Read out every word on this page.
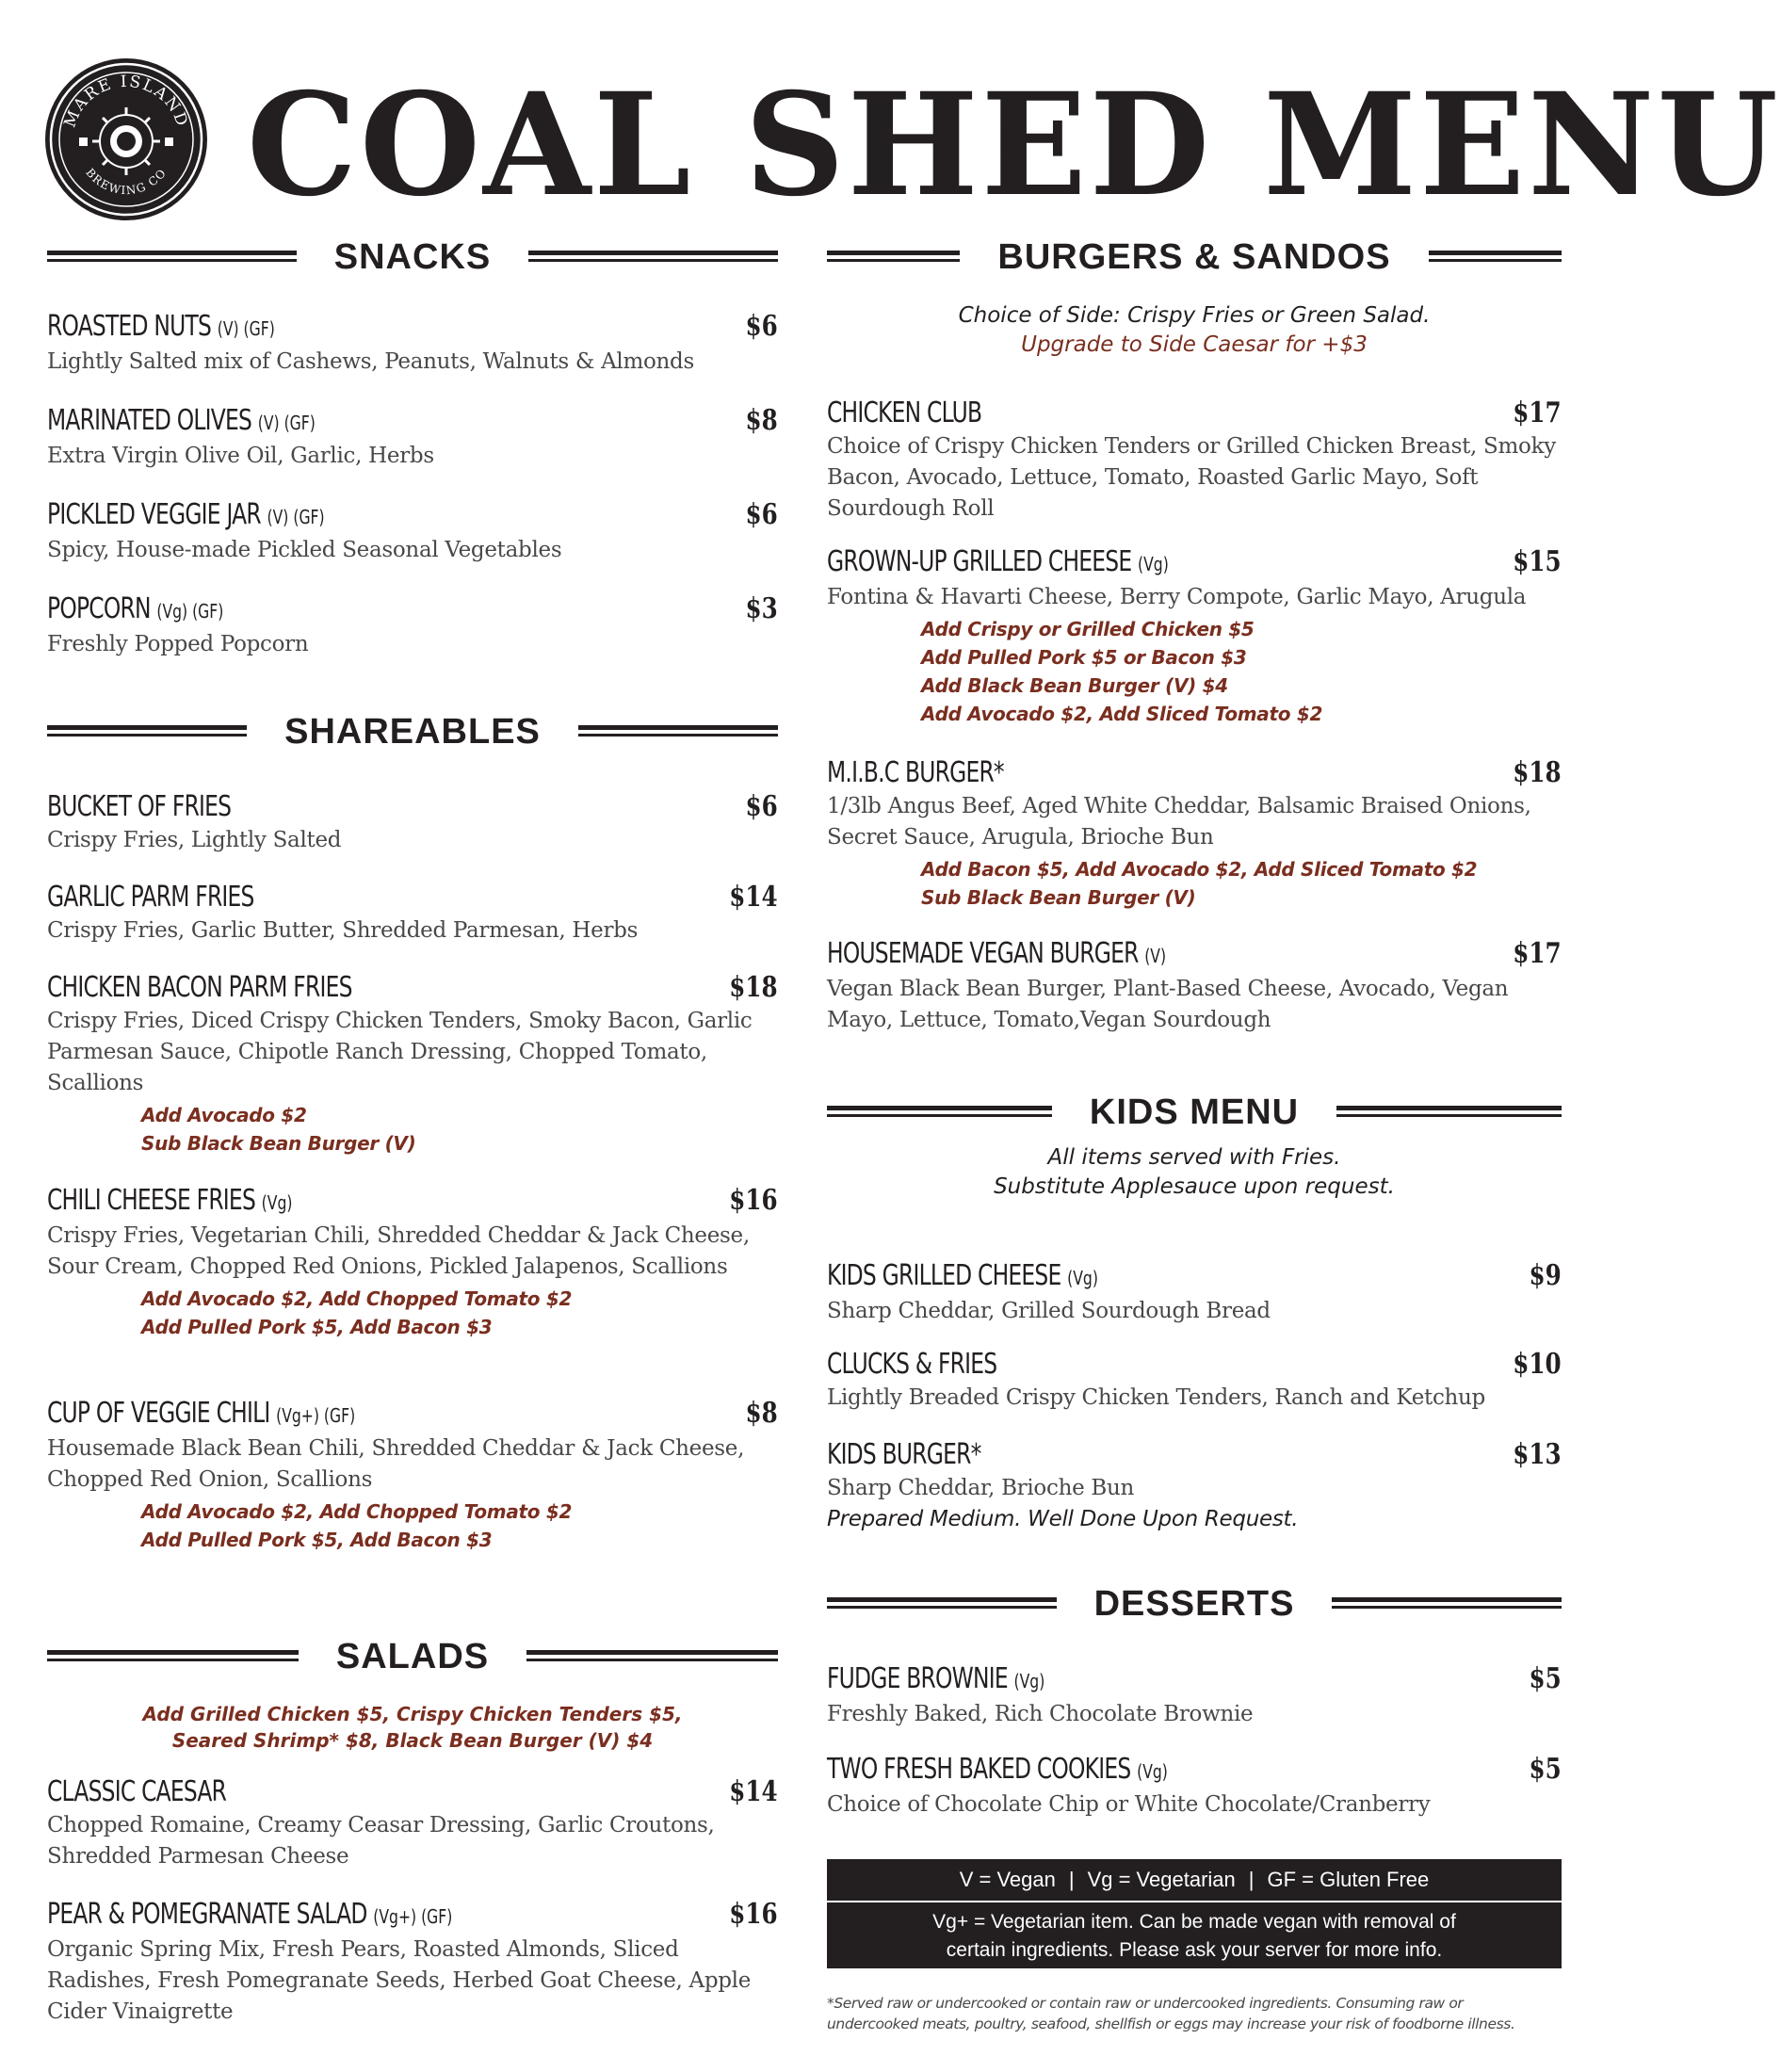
MARE ISLAND
BREWING CO COAL SHED MENU
SNACKS
ROASTED NUTS (V) (GF)	$6
Lightly Salted mix of Cashews, Peanuts, Walnuts & Almonds
MARINATED OLIVES (V) (GF)	$8
Extra Virgin Olive Oil, Garlic, Herbs
PICKLED VEGGIE JAR (V) (GF)	$6
Spicy, House-made Pickled Seasonal Vegetables
POPCORN (Vg) (GF)	$3
Freshly Popped Popcorn
SHAREABLES
BUCKET OF FRIES	$6
Crispy Fries, Lightly Salted
GARLIC PARM FRIES	$14
Crispy Fries, Garlic Butter, Shredded Parmesan, Herbs
CHICKEN BACON PARM FRIES	$18
Crispy Fries, Diced Crispy Chicken Tenders, Smoky Bacon, Garlic Parmesan Sauce, Chipotle Ranch Dressing, Chopped Tomato, Scallions
Add Avocado $2
Sub Black Bean Burger (V)
CHILI CHEESE FRIES (Vg)	$16
Crispy Fries, Vegetarian Chili, Shredded Cheddar & Jack Cheese, Sour Cream, Chopped Red Onions, Pickled Jalapenos, Scallions
Add Avocado $2, Add Chopped Tomato $2
Add Pulled Pork $5, Add Bacon $3
CUP OF VEGGIE CHILI (Vg+) (GF)	$8
Housemade Black Bean Chili, Shredded Cheddar & Jack Cheese, Chopped Red Onion, Scallions
Add Avocado $2, Add Chopped Tomato $2
Add Pulled Pork $5, Add Bacon $3
SALADS
Add Grilled Chicken $5, Crispy Chicken Tenders $5,
Seared Shrimp* $8, Black Bean Burger (V) $4
CLASSIC CAESAR	$14
Chopped Romaine, Creamy Ceasar Dressing, Garlic Croutons, Shredded Parmesan Cheese
PEAR & POMEGRANATE SALAD (Vg+) (GF)	$16
Organic Spring Mix, Fresh Pears, Roasted Almonds, Sliced Radishes, Fresh Pomegranate Seeds, Herbed Goat Cheese, Apple Cider Vinaigrette
BURGERS & SANDOS
Choice of Side: Crispy Fries or Green Salad.
Upgrade to Side Caesar for +$3
CHICKEN CLUB	$17
Choice of Crispy Chicken Tenders or Grilled Chicken Breast, Smoky Bacon, Avocado, Lettuce, Tomato, Roasted Garlic Mayo, Soft Sourdough Roll
GROWN-UP GRILLED CHEESE (Vg)	$15
Fontina & Havarti Cheese, Berry Compote, Garlic Mayo, Arugula
Add Crispy or Grilled Chicken $5
Add Pulled Pork $5 or Bacon $3
Add Black Bean Burger (V) $4
Add Avocado $2, Add Sliced Tomato $2
M.I.B.C BURGER*	$18
1/3lb Angus Beef, Aged White Cheddar, Balsamic Braised Onions, Secret Sauce, Arugula, Brioche Bun
Add Bacon $5, Add Avocado $2, Add Sliced Tomato $2
Sub Black Bean Burger (V)
HOUSEMADE VEGAN BURGER (V)	$17
Vegan Black Bean Burger, Plant-Based Cheese, Avocado, Vegan Mayo, Lettuce, Tomato,Vegan Sourdough
KIDS MENU
All items served with Fries.
Substitute Applesauce upon request.
KIDS GRILLED CHEESE (Vg)	$9
Sharp Cheddar, Grilled Sourdough Bread
CLUCKS & FRIES	$10
Lightly Breaded Crispy Chicken Tenders, Ranch and Ketchup
KIDS BURGER*	$13
Sharp Cheddar, Brioche Bun
Prepared Medium. Well Done Upon Request.
DESSERTS
FUDGE BROWNIE (Vg)	$5
Freshly Baked, Rich Chocolate Brownie
TWO FRESH BAKED COOKIES (Vg)	$5
Choice of Chocolate Chip or White Chocolate/Cranberry
V = Vegan | Vg = Vegetarian | GF = Gluten Free
Vg+ = Vegetarian item. Can be made vegan with removal of
certain ingredients. Please ask your server for more info.
*Served raw or undercooked or contain raw or undercooked ingredients. Consuming raw or
undercooked meats, poultry, seafood, shellfish or eggs may increase your risk of foodborne illness.
